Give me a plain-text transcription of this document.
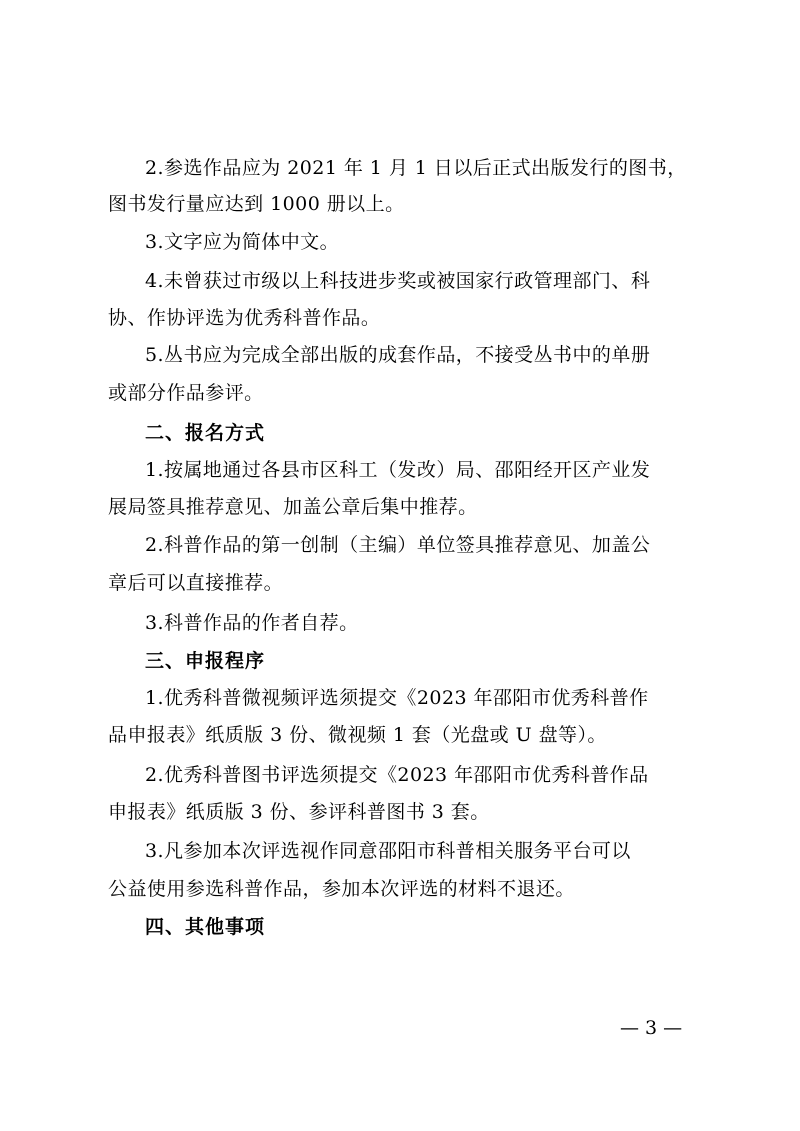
2.参选作品应为 2021 年 1 月 1 日以后正式出版发行的图书，
图书发行量应达到 1000 册以上。
3.文字应为简体中文。
4.未曾获过市级以上科技进步奖或被国家行政管理部门、科
协、作协评选为优秀科普作品。
5.丛书应为完成全部出版的成套作品，不接受丛书中的单册
或部分作品参评。
二、报名方式
1.按属地通过各县市区科工（发改）局、邵阳经开区产业发
展局签具推荐意见、加盖公章后集中推荐。
2.科普作品的第一创制（主编）单位签具推荐意见、加盖公
章后可以直接推荐。
3.科普作品的作者自荐。
三、申报程序
1.优秀科普微视频评选须提交《2023 年邵阳市优秀科普作
品申报表》纸质版 3 份、微视频 1 套（光盘或 U 盘等）。
2.优秀科普图书评选须提交《2023 年邵阳市优秀科普作品
申报表》纸质版 3 份、参评科普图书 3 套。
3.凡参加本次评选视作同意邵阳市科普相关服务平台可以
公益使用参选科普作品，参加本次评选的材料不退还。
四、其他事项
— 3 —
